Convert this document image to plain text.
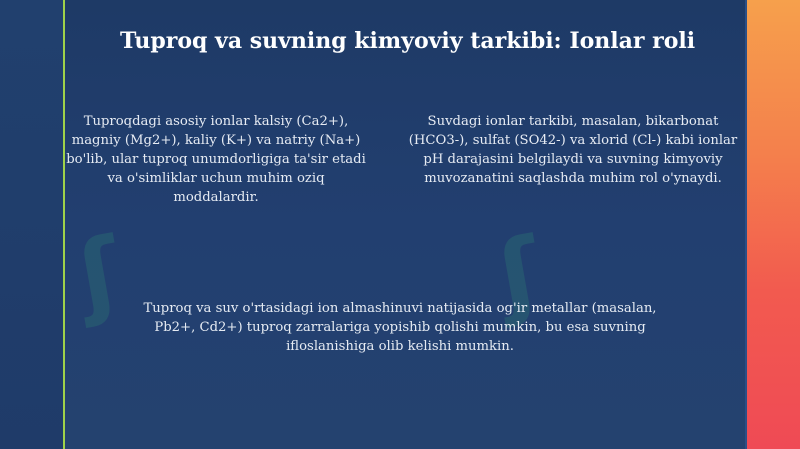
ʃ	ʃ
Tuproq va suvning kimyoviy tarkibi: Ionlar roli
Tuproqdagi asosiy ionlar kalsiy (Ca2+), magniy (Mg2+), kaliy (K+) va natriy (Na+) bo'lib, ular tuproq unumdorligiga ta'sir etadi va o'simliklar uchun muhim oziq moddalardir.
Suvdagi ionlar tarkibi, masalan, bikarbonat (HCO3-), sulfat (SO42-) va xlorid (Cl-) kabi ionlar pH darajasini belgilaydi va suvning kimyoviy muvozanatini saqlashda muhim rol o'ynaydi.
Tuproq va suv o'rtasidagi ion almashinuvi natijasida og'ir metallar (masalan, Pb2+, Cd2+) tuproq zarralariga yopishib qolishi mumkin, bu esa suvning ifloslanishiga olib kelishi mumkin.
